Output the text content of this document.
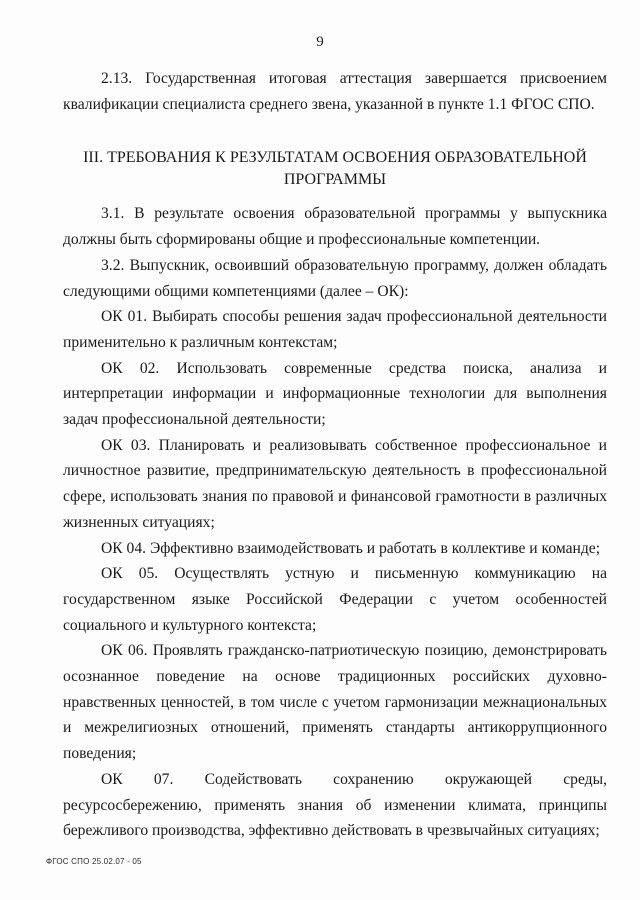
9

2.13. Государственная итоговая аттестация завершается присвоением квалификации специалиста среднего звена, указанной в пункте 1.1 ФГОС СПО.

III. ТРЕБОВАНИЯ К РЕЗУЛЬТАТАМ ОСВОЕНИЯ ОБРАЗОВАТЕЛЬНОЙ ПРОГРАММЫ

3.1. В результате освоения образовательной программы у выпускника должны быть сформированы общие и профессиональные компетенции.

3.2. Выпускник, освоивший образовательную программу, должен обладать следующими общими компетенциями (далее – ОК):

ОК 01. Выбирать способы решения задач профессиональной деятельности применительно к различным контекстам;

ОК 02. Использовать современные средства поиска, анализа и интерпретации информации и информационные технологии для выполнения задач профессиональной деятельности;

ОК 03. Планировать и реализовывать собственное профессиональное и личностное развитие, предпринимательскую деятельность в профессиональной сфере, использовать знания по правовой и финансовой грамотности в различных жизненных ситуациях;

ОК 04. Эффективно взаимодействовать и работать в коллективе и команде;

ОК 05. Осуществлять устную и письменную коммуникацию на государственном языке Российской Федерации с учетом особенностей социального и культурного контекста;

ОК 06. Проявлять гражданско-патриотическую позицию, демонстрировать осознанное поведение на основе традиционных российских духовно-нравственных ценностей, в том числе с учетом гармонизации межнациональных и межрелигиозных отношений, применять стандарты антикоррупционного поведения;

ОК 07. Содействовать сохранению окружающей среды, ресурсосбережению, применять знания об изменении климата, принципы бережливого производства, эффективно действовать в чрезвычайных ситуациях;

ФГОС СПО 25.02.07 - 05
